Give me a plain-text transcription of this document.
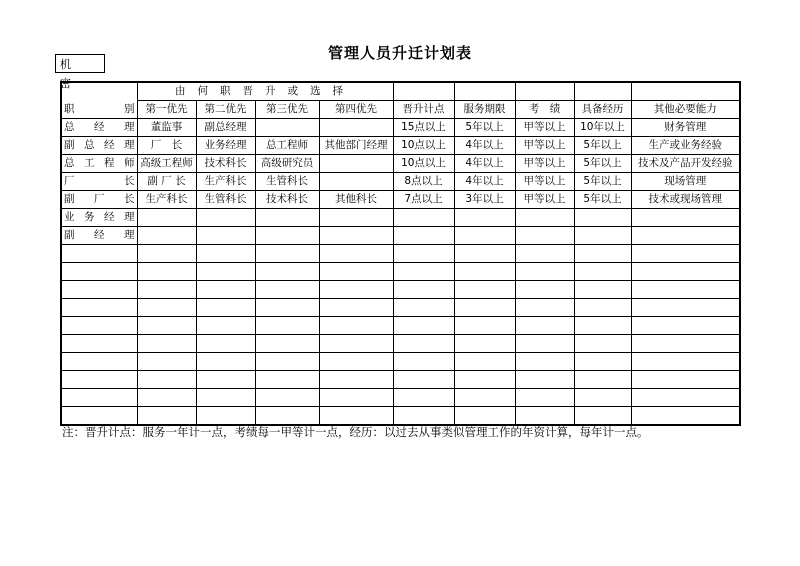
管理人员升迁计划表
机 密
职　　别	由何职晋升或选择								
	第一优先	第二优先	第三优先	第四优先	晋升计点	服务期限	考　绩	具备经历	其他必要能力
总 经 理	董监事	副总经理			15点以上	5年以上	甲等以上	10年以上	财务管理
副总经理	厂　长	业务经理	总工程师	其他部门经理	10点以上	4年以上	甲等以上	5年以上	生产或业务经验
总工程师	高级工程师	技术科长	高级研究员		10点以上	4年以上	甲等以上	5年以上	技术及产品开发经验
厂　长	副 厂 长	生产科长	生管科长		8点以上	4年以上	甲等以上	5年以上	现场管理
副 厂 长	生产科长	生管科长	技术科长	其他科长	7点以上	3年以上	甲等以上	5年以上	技术或现场管理
业务经理									
副 经 理									

注：晋升计点：服务一年计一点，考绩每一甲等计一点，经历：以过去从事类似管理工作的年资计算，每年计一点。
